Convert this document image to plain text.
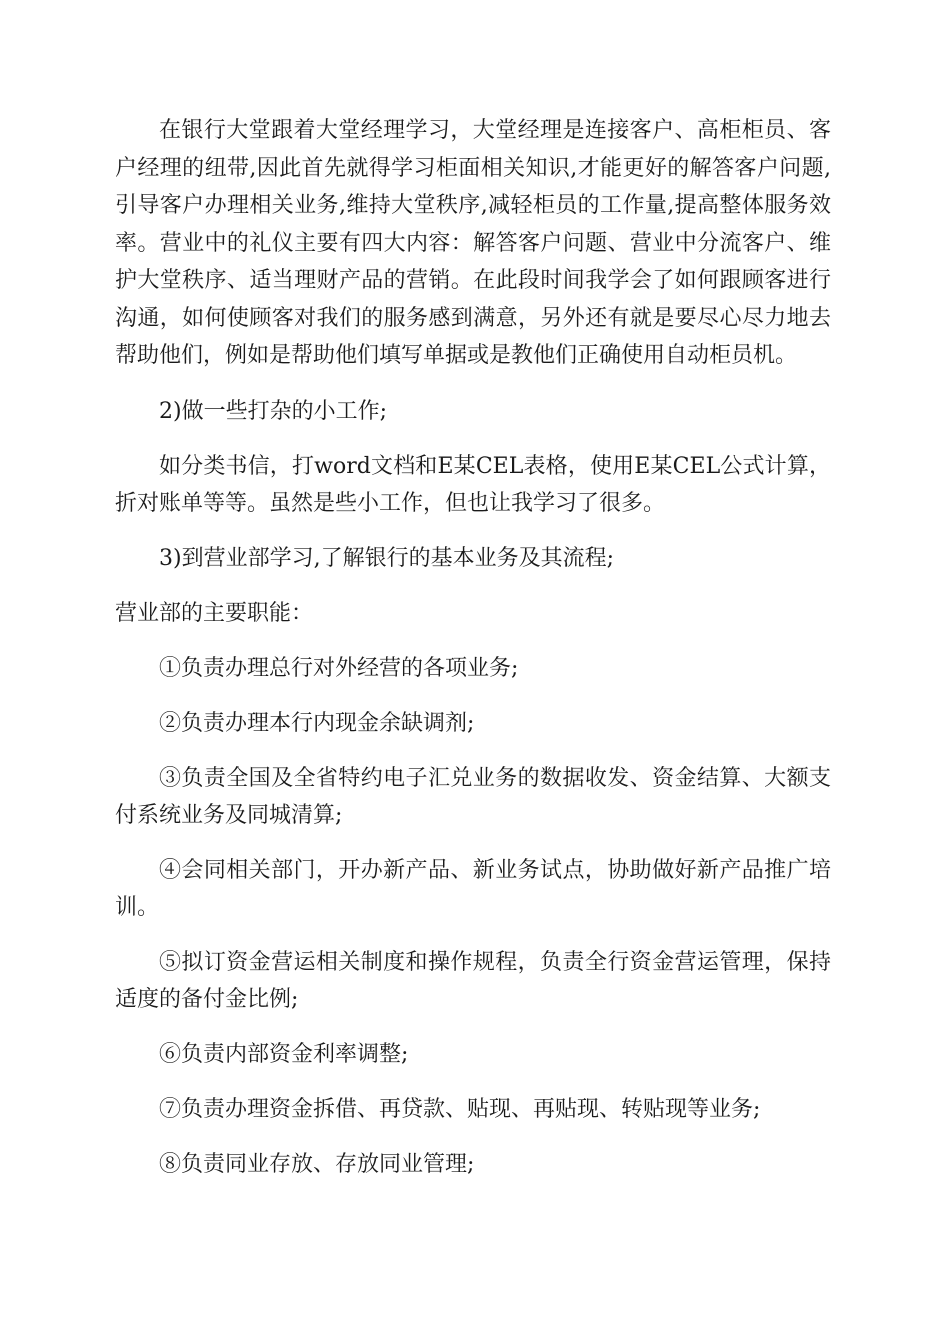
在银行大堂跟着大堂经理学习，大堂经理是连接客户、高柜柜员、客户经理的纽带,因此首先就得学习柜面相关知识,才能更好的解答客户问题,引导客户办理相关业务,维持大堂秩序,减轻柜员的工作量,提高整体服务效率。营业中的礼仪主要有四大内容：解答客户问题、营业中分流客户、维护大堂秩序、适当理财产品的营销。在此段时间我学会了如何跟顾客进行沟通，如何使顾客对我们的服务感到满意，另外还有就是要尽心尽力地去帮助他们，例如是帮助他们填写单据或是教他们正确使用自动柜员机。

2)做一些打杂的小工作;

如分类书信，打word文档和E某CEL表格，使用E某CEL公式计算，折对账单等等。虽然是些小工作，但也让我学习了很多。

3)到营业部学习,了解银行的基本业务及其流程;

营业部的主要职能：

①负责办理总行对外经营的各项业务;

②负责办理本行内现金余缺调剂;

③负责全国及全省特约电子汇兑业务的数据收发、资金结算、大额支付系统业务及同城清算;

④会同相关部门，开办新产品、新业务试点，协助做好新产品推广培训。

⑤拟订资金营运相关制度和操作规程，负责全行资金营运管理，保持适度的备付金比例;

⑥负责内部资金利率调整;

⑦负责办理资金拆借、再贷款、贴现、再贴现、转贴现等业务;

⑧负责同业存放、存放同业管理;
